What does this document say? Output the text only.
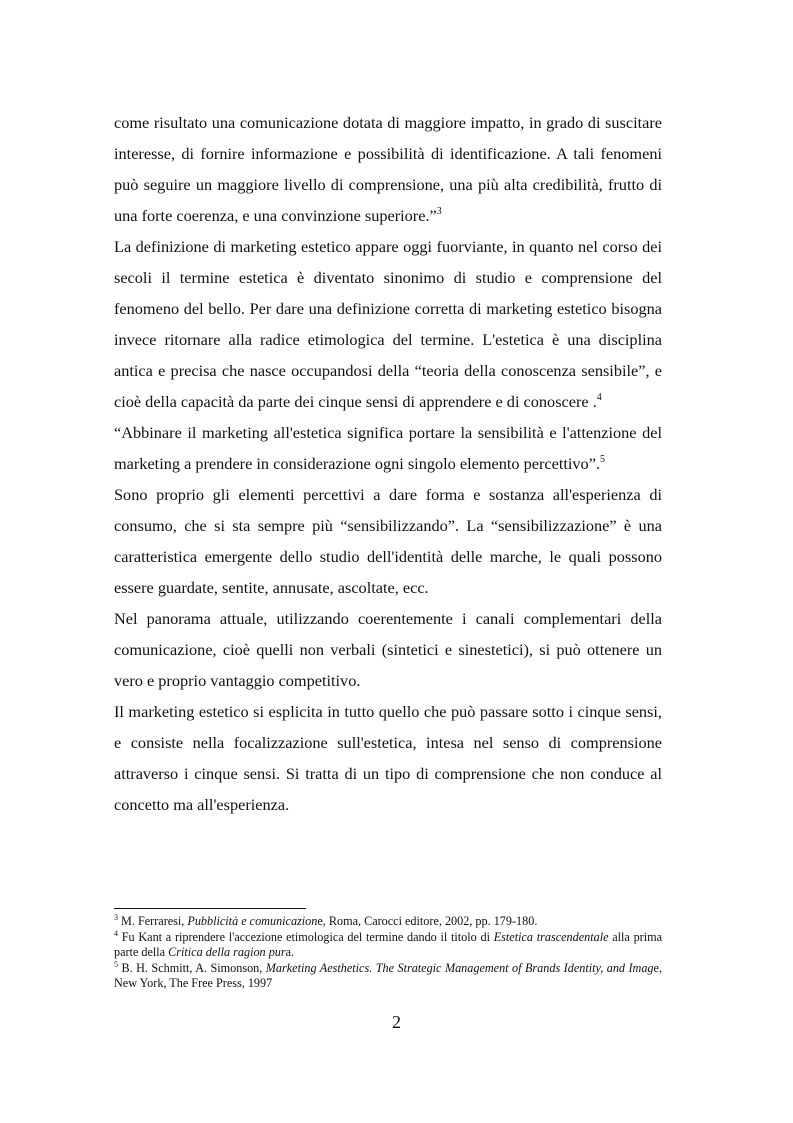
come risultato una comunicazione dotata di maggiore impatto, in grado di suscitare interesse, di fornire informazione e possibilità di identificazione. A tali fenomeni può seguire un maggiore livello di comprensione, una più alta credibilità, frutto di una forte coerenza, e una convinzione superiore.”$^3$

La definizione di marketing estetico appare oggi fuorviante, in quanto nel corso dei secoli il termine estetica è diventato sinonimo di studio e comprensione del fenomeno del bello. Per dare una definizione corretta di marketing estetico bisogna invece ritornare alla radice etimologica del termine. L'estetica è una disciplina antica e precisa che nasce occupandosi della “teoria della conoscenza sensibile”, e cioè della capacità da parte dei cinque sensi di apprendere e di conoscere .$^4$

“Abbinare il marketing all'estetica significa portare la sensibilità e l'attenzione del marketing a prendere in considerazione ogni singolo elemento percettivo”.$^5$

Sono proprio gli elementi percettivi a dare forma e sostanza all'esperienza di consumo, che si sta sempre più “sensibilizzando”. La “sensibilizzazione” è una caratteristica emergente dello studio dell'identità delle marche, le quali possono essere guardate, sentite, annusate, ascoltate, ecc.

Nel panorama attuale, utilizzando coerentemente i canali complementari della comunicazione, cioè quelli non verbali (sintetici e sinestetici), si può ottenere un vero e proprio vantaggio competitivo.

Il marketing estetico si esplicita in tutto quello che può passare sotto i cinque sensi, e consiste nella focalizzazione sull'estetica, intesa nel senso di comprensione attraverso i cinque sensi. Si tratta di un tipo di comprensione che non conduce al concetto ma all'esperienza.

$^3$ M. Ferraresi, Pubblicità e comunicazione, Roma, Carocci editore, 2002, pp. 179-180.

$^4$ Fu Kant a riprendere l'accezione etimologica del termine dando il titolo di Estetica trascendentale alla prima parte della Critica della ragion pura.

$^5$ B. H. Schmitt, A. Simonson, Marketing Aesthetics. The Strategic Management of Brands Identity, and Image, New York, The Free Press, 1997

2
